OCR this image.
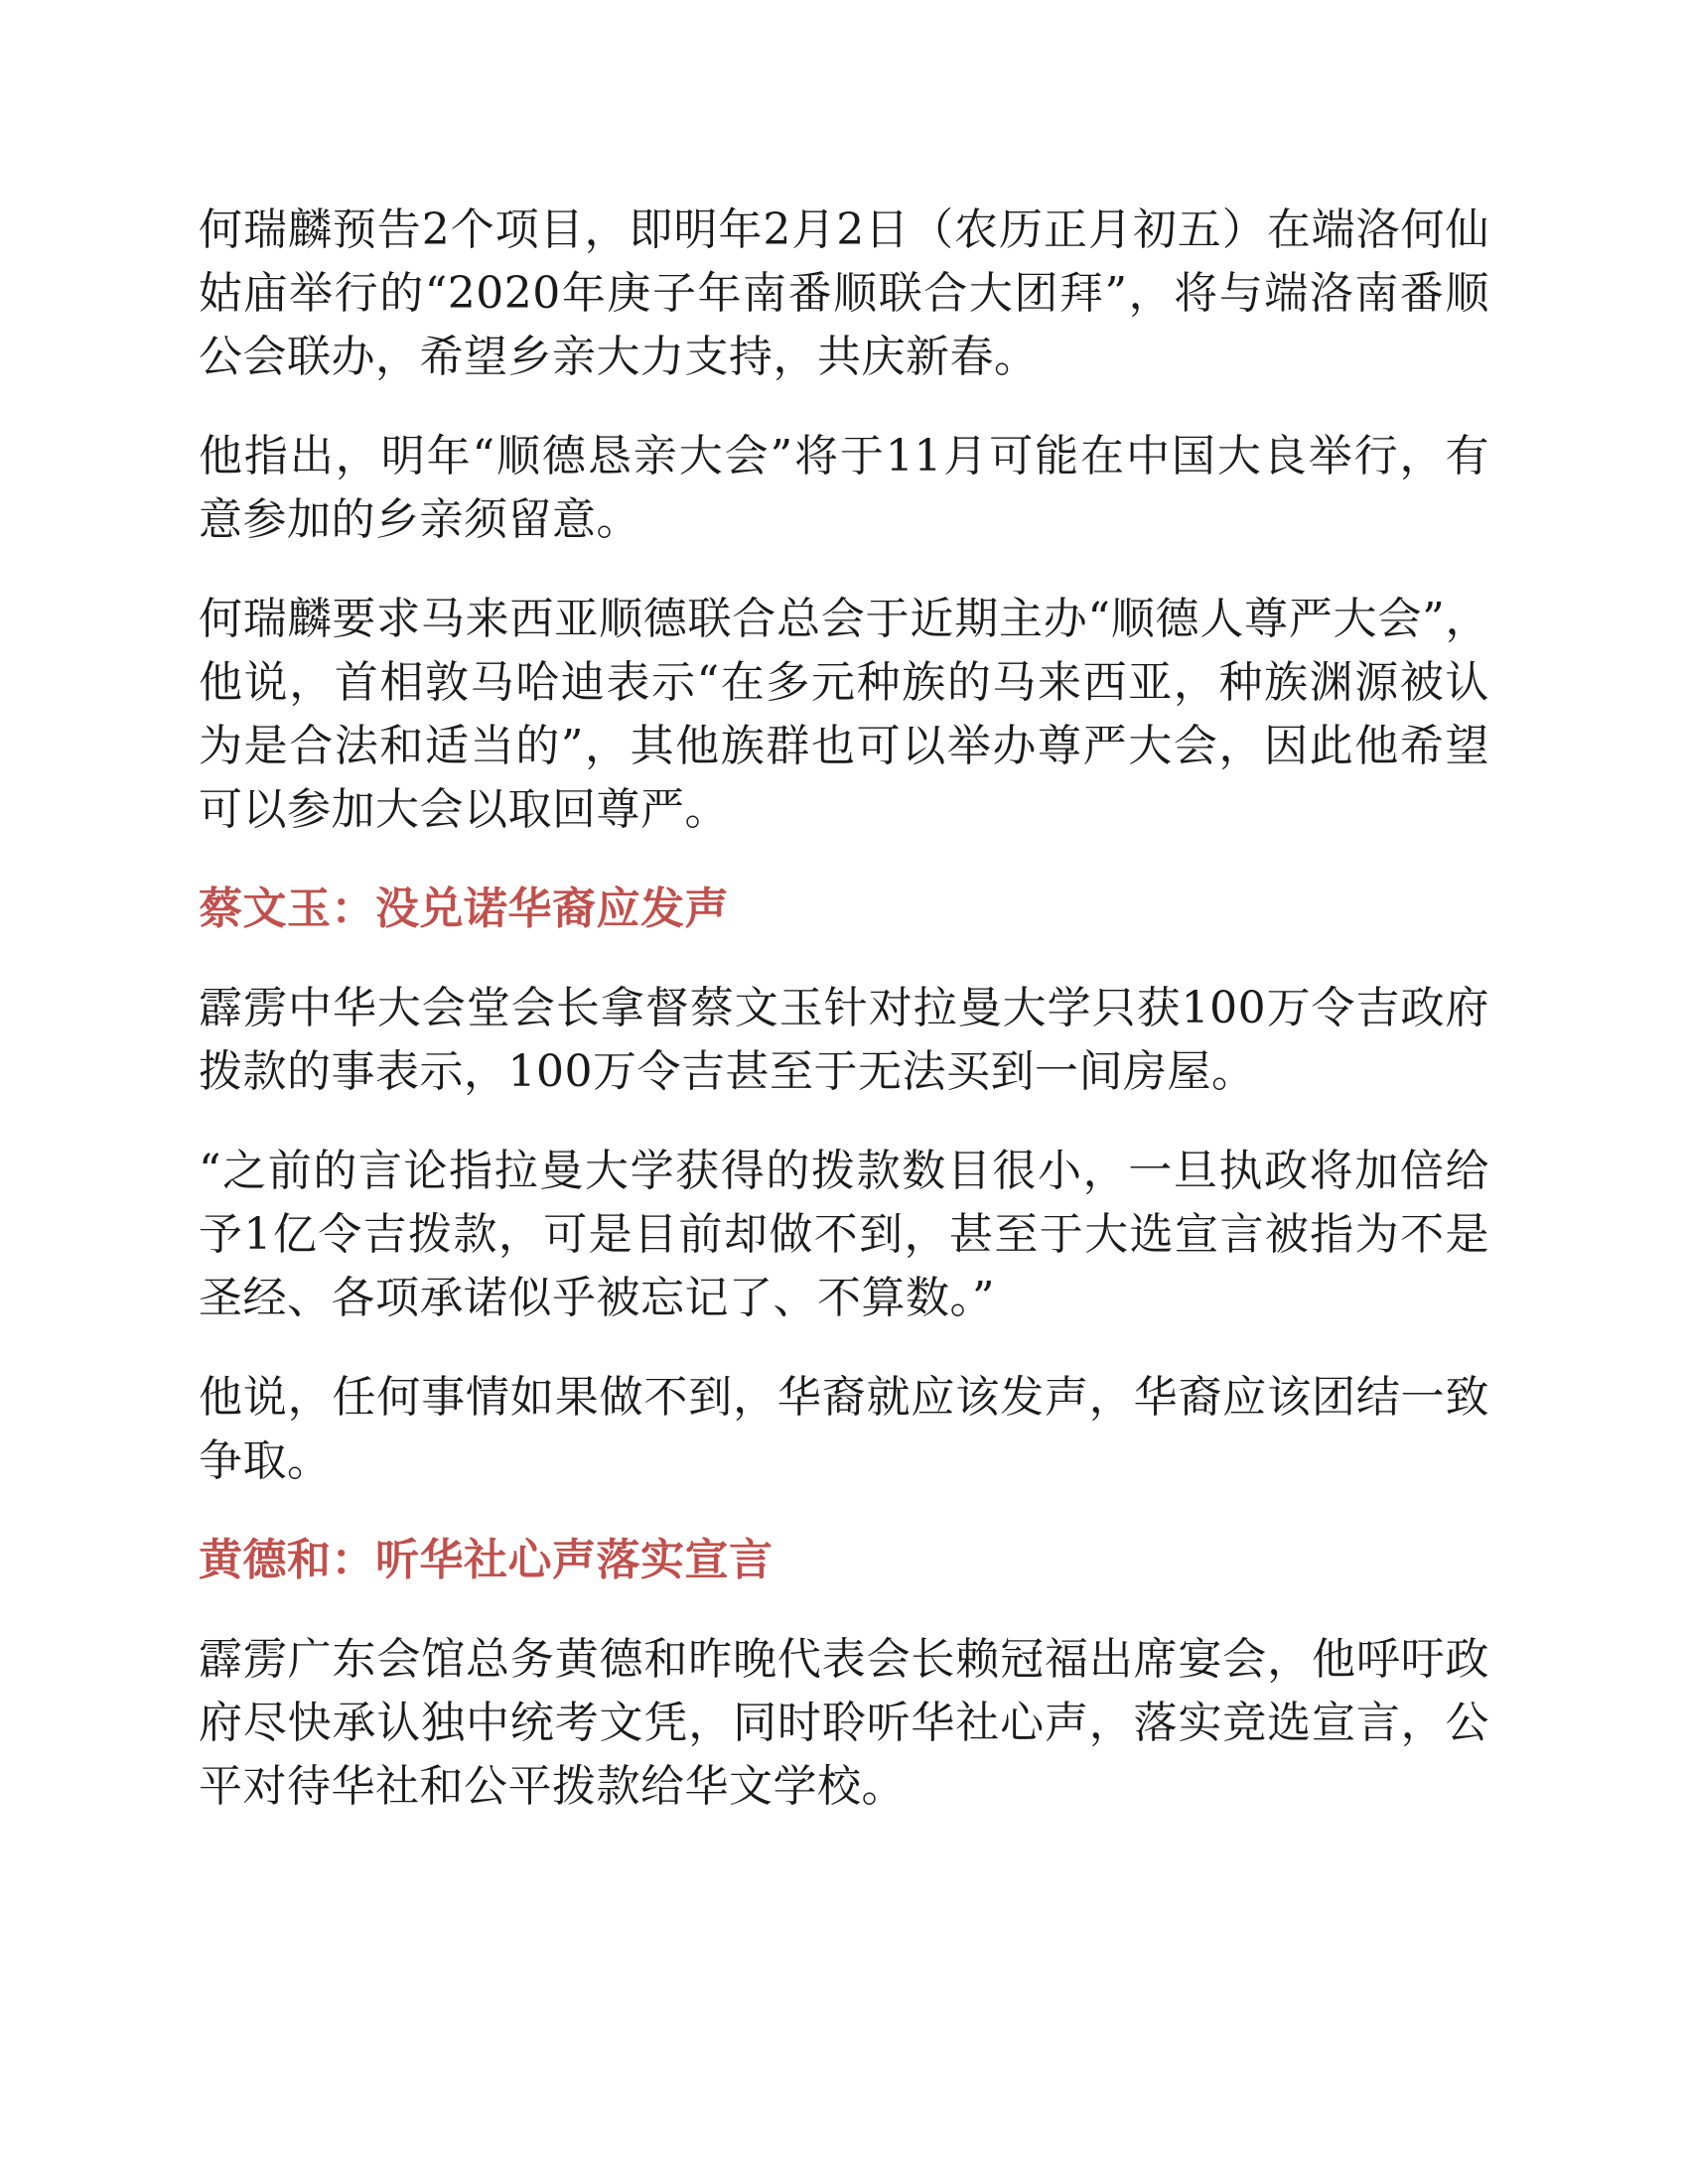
何瑞麟预告2个项目，即明年2月2日（农历正月初五）在端洛何仙姑庙举行的“2020年庚子年南番顺联合大团拜”，将与端洛南番顺公会联办，希望乡亲大力支持，共庆新春。

他指出，明年“顺德恳亲大会”将于11月可能在中国大良举行，有意参加的乡亲须留意。

何瑞麟要求马来西亚顺德联合总会于近期主办“顺德人尊严大会”，他说，首相敦马哈迪表示“在多元种族的马来西亚，种族渊源被认为是合法和适当的”，其他族群也可以举办尊严大会，因此他希望可以参加大会以取回尊严。

蔡文玉：没兑诺华裔应发声

霹雳中华大会堂会长拿督蔡文玉针对拉曼大学只获100万令吉政府拨款的事表示，100万令吉甚至于无法买到一间房屋。

“之前的言论指拉曼大学获得的拨款数目很小，一旦执政将加倍给予1亿令吉拨款，可是目前却做不到，甚至于大选宣言被指为不是圣经、各项承诺似乎被忘记了、不算数。”

他说，任何事情如果做不到，华裔就应该发声，华裔应该团结一致争取。

黄德和：听华社心声落实宣言

霹雳广东会馆总务黄德和昨晚代表会长赖冠福出席宴会，他呼吁政府尽快承认独中统考文凭，同时聆听华社心声，落实竞选宣言，公平对待华社和公平拨款给华文学校。
